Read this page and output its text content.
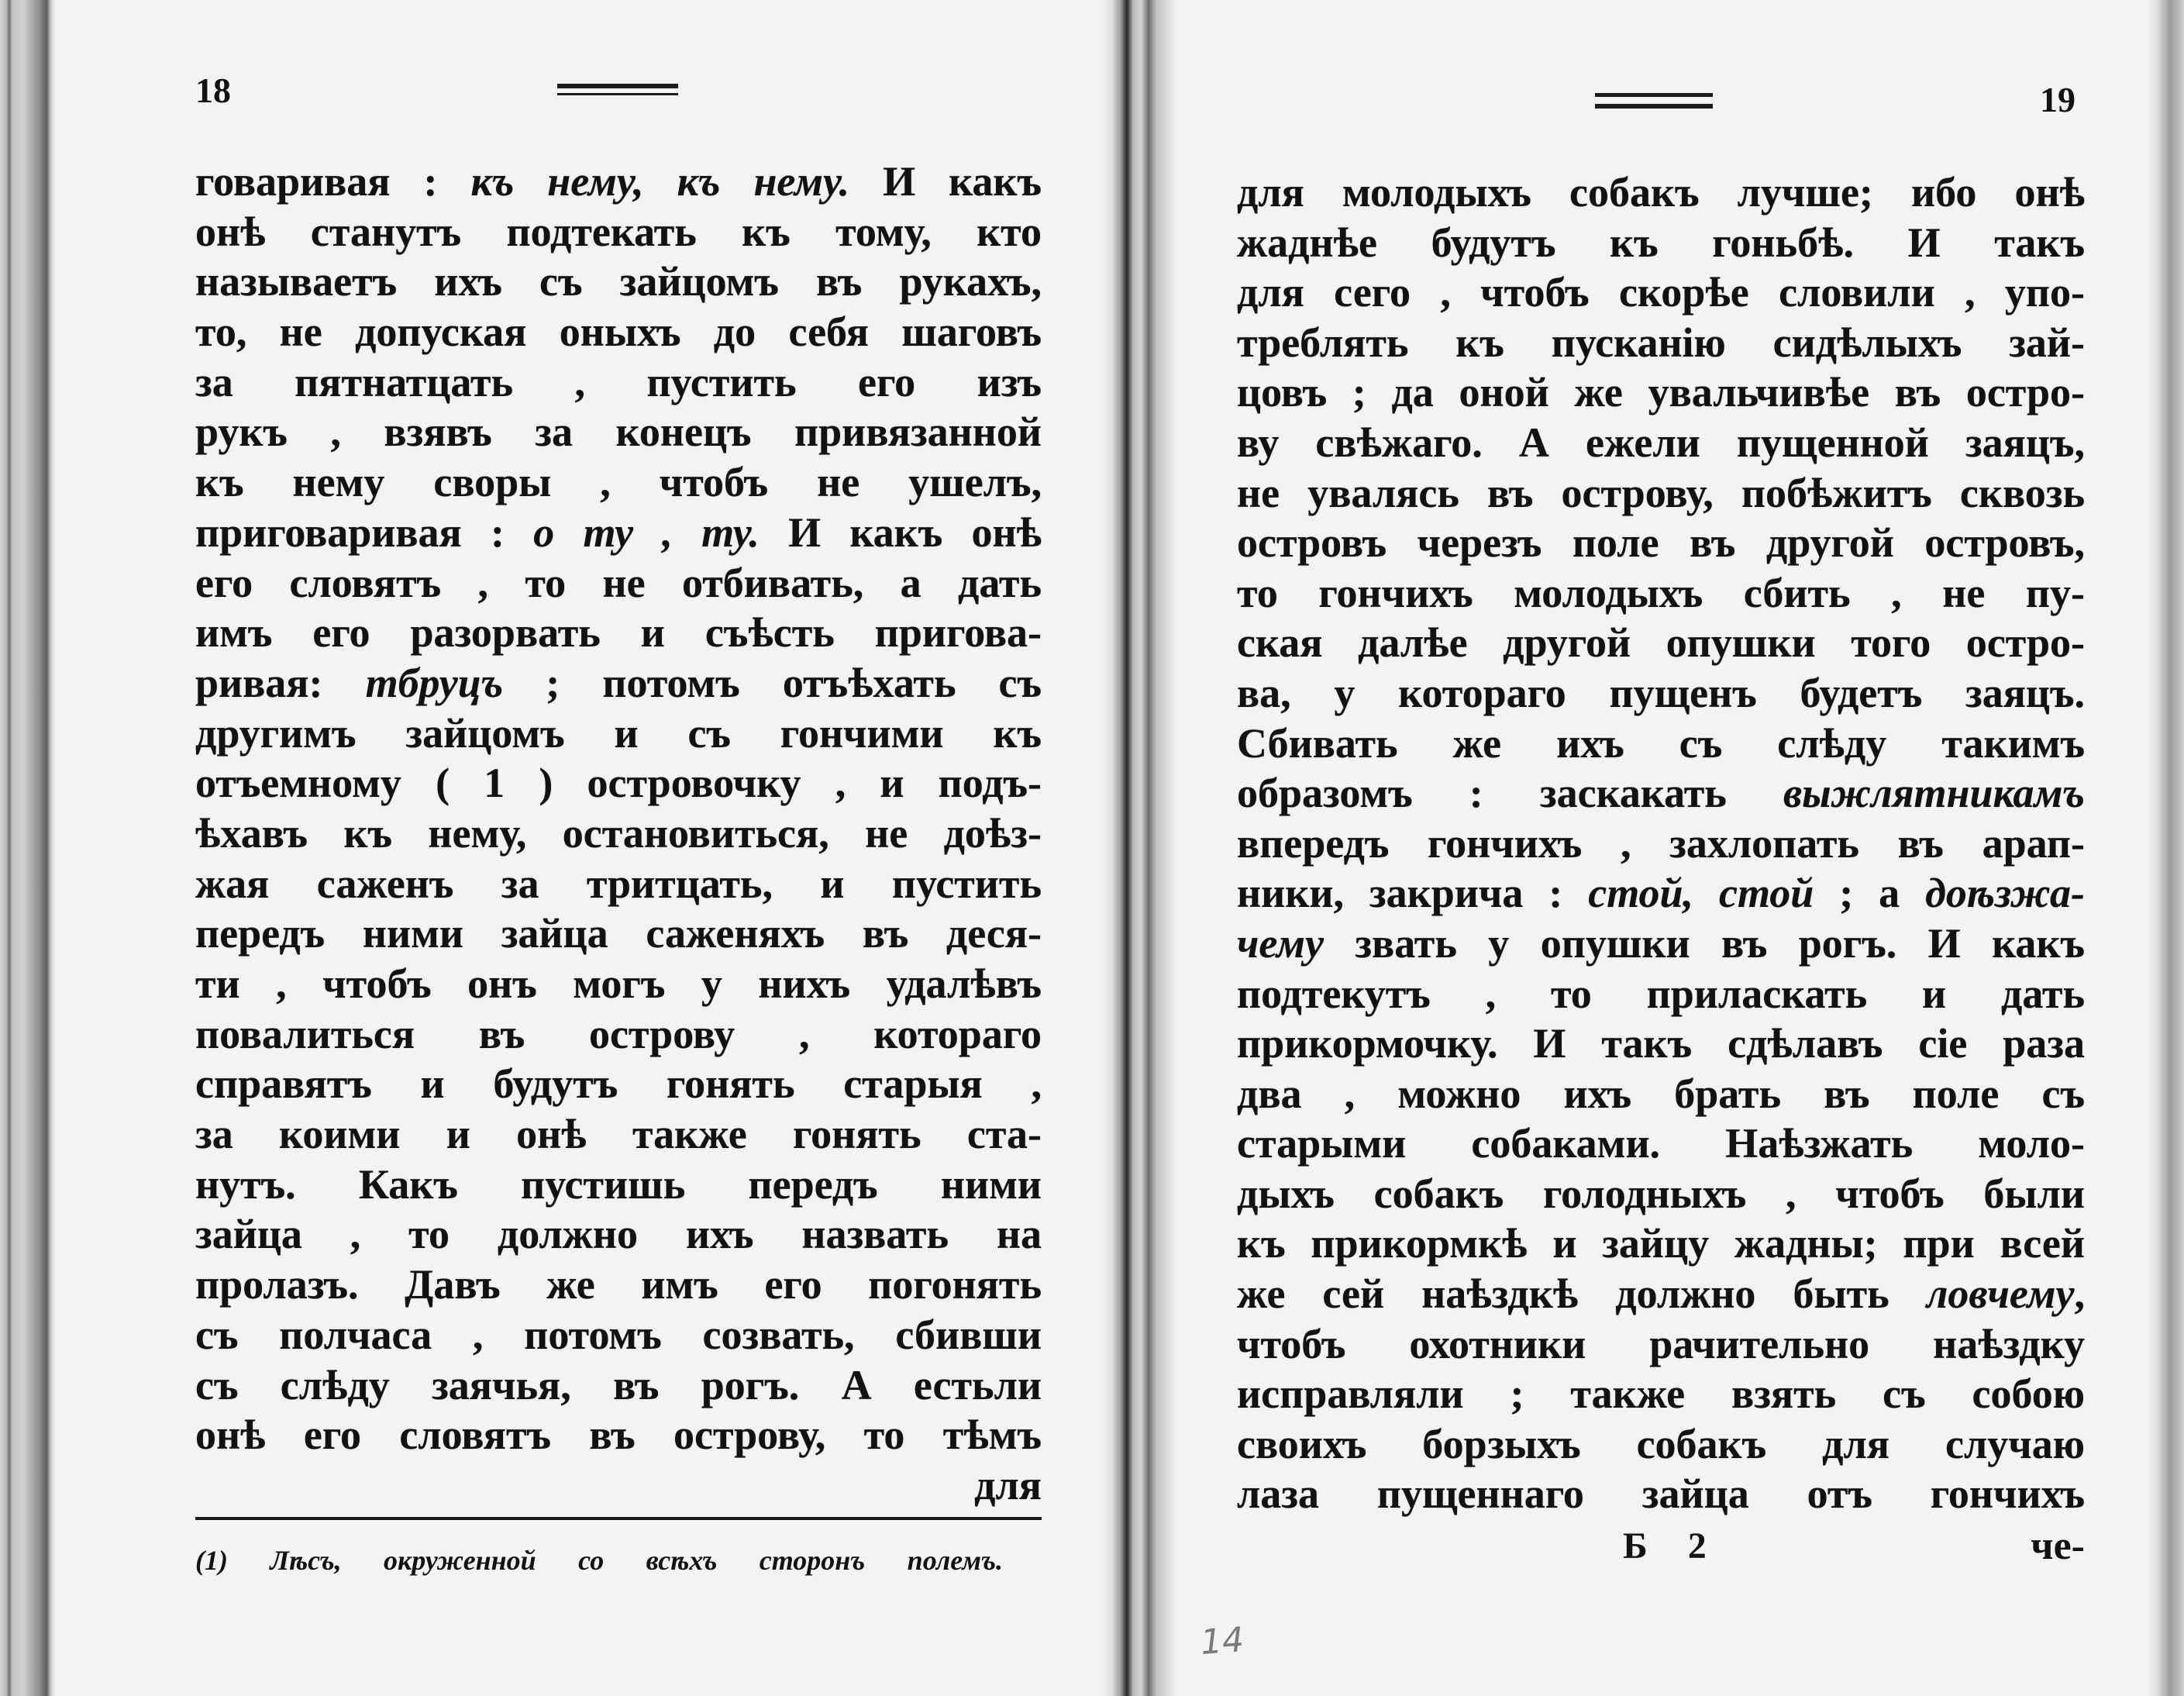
18
говаривая : къ нему, къ нему. И какъ
онѣ станутъ подтекать къ тому, кто
называетъ ихъ съ зайцомъ въ рукахъ,
то, не допуская оныхъ до себя шаговъ
за пятнатцать , пустить его изъ
рукъ , взявъ за конецъ привязанной
къ нему своры , чтобъ не ушелъ,
приговаривая : о ту , ту. И какъ онѣ
его словятъ , то не отбивать, а дать
имъ его разорвать и съѣсть пригова-
ривая: тбруцъ ; потомъ отъѣхать съ
другимъ зайцомъ и съ гончими къ
отъемному ( 1 ) островочку , и подъ-
ѣхавъ къ нему, остановиться, не доѣз-
жая саженъ за тритцать, и пустить
передъ ними зайца саженяхъ въ деся-
ти , чтобъ онъ могъ у нихъ удалѣвъ
повалиться въ острову , котораго
справятъ и будутъ гонять старыя ,
за коими и онѣ также гонять ста-
нутъ. Какъ пустишь передъ ними
зайца , то должно ихъ назвать на
пролазъ. Давъ же имъ его погонять
съ полчаса , потомъ созвать, сбивши
съ слѣду заячья, въ рогъ. А естьли
онѣ его словятъ въ острову, то тѣмъ
для
(1) Лѣсъ, окруженной со всѣхъ сторонъ полемъ.
19
для молодыхъ собакъ лучше; ибо онѣ
жаднѣе будутъ къ гоньбѣ. И такъ
для сего , чтобъ скорѣе словили , упо-
треблять къ пусканію сидѣлыхъ зай-
цовъ ; да оной же увальчивѣе въ остро-
ву свѣжаго. А ежели пущенной заяцъ,
не увалясь въ острову, побѣжитъ сквозь
островъ черезъ поле въ другой островъ,
то гончихъ молодыхъ сбить , не пу-
ская далѣе другой опушки того остро-
ва, у котораго пущенъ будетъ заяцъ.
Сбивать же ихъ съ слѣду такимъ
образомъ : заскакать выжлятникамъ
впередъ гончихъ , захлопать въ арап-
ники, закрича : стой, стой ; а доѣзжа-
чему звать у опушки въ рогъ. И какъ
подтекутъ , то приласкать и дать
прикормочку. И такъ сдѣлавъ сіе раза
два , можно ихъ брать въ поле съ
старыми собаками. Наѣзжать моло-
дыхъ собакъ голодныхъ , чтобъ были
къ прикормкѣ и зайцу жадны; при всей
же сей наѣздкѣ должно быть ловчему,
чтобъ охотники рачительно наѣздку
исправляли ; также взять съ собою
своихъ борзыхъ собакъ для случаю
лаза пущеннаго зайца отъ гончихъ
Б 2	че-
14
